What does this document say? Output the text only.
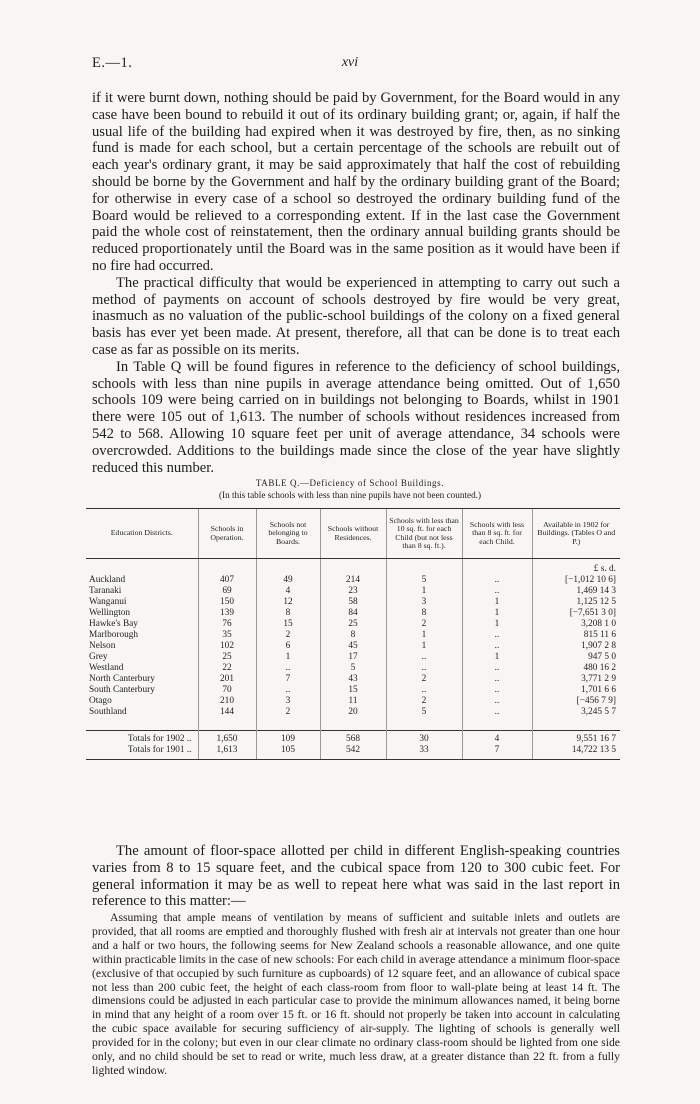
E.—1.	xvi

if it were burnt down, nothing should be paid by Government, for the Board would in any case have been bound to rebuild it out of its ordinary building grant; or, again, if half the usual life of the building had expired when it was destroyed by fire, then, as no sinking fund is made for each school, but a certain percentage of the schools are rebuilt out of each year's ordinary grant, it may be said approximately that half the cost of rebuilding should be borne by the Government and half by the ordinary building grant of the Board; for otherwise in every case of a school so destroyed the ordinary building fund of the Board would be relieved to a corresponding extent. If in the last case the Government paid the whole cost of reinstatement, then the ordinary annual building grants should be reduced proportionately until the Board was in the same position as it would have been if no fire had occurred.

The practical difficulty that would be experienced in attempting to carry out such a method of payments on account of schools destroyed by fire would be very great, inasmuch as no valuation of the public-school buildings of the colony on a fixed general basis has ever yet been made. At present, therefore, all that can be done is to treat each case as far as possible on its merits.

In Table Q will be found figures in reference to the deficiency of school buildings, schools with less than nine pupils in average attendance being omitted. Out of 1,650 schools 109 were being carried on in buildings not belonging to Boards, whilst in 1901 there were 105 out of 1,613. The number of schools without residences increased from 542 to 568. Allowing 10 square feet per unit of average attendance, 34 schools were overcrowded. Additions to the buildings made since the close of the year have slightly reduced this number.

TABLE Q.—Deficiency of School Buildings.
(In this table schools with less than nine pupils have not been counted.)
Education Districts.	Schools in Operation.	Schools not belonging to Boards.	Schools without Residences.	Schools with less than 10 sq. ft. for each Child (but not less than 8 sq. ft.).	Schools with less than 8 sq. ft. for each Child.	Available in 1902 for Buildings. (Tables O and P.)
						£ s. d.
Auckland	407	49	214	5	..	[−1,012 10 6]
Taranaki	69	4	23	1	..	1,469 14 3
Wanganui	150	12	58	3	1	1,125 12 5
Wellington	139	8	84	8	1	[−7,651 3 0]
Hawke's Bay	76	15	25	2	1	3,208 1 0
Marlborough	35	2	8	1	..	815 11 6
Nelson	102	6	45	1	..	1,907 2 8
Grey	25	1	17	..	1	947 5 0
Westland	22	..	5	..	..	480 16 2
North Canterbury	201	7	43	2	..	3,771 2 9
South Canterbury	70	..	15	..	..	1,701 6 6
Otago	210	3	11	2	..	[−456 7 9]
Southland	144	2	20	5	..	3,245 5 7

Totals for 1902 ..	1,650	109	568	30	4	9,551 16 7
Totals for 1901 ..	1,613	105	542	33	7	14,722 13 5
The amount of floor-space allotted per child in different English-speaking countries varies from 8 to 15 square feet, and the cubical space from 120 to 300 cubic feet. For general information it may be as well to repeat here what was said in the last report in reference to this matter:—
Assuming that ample means of ventilation by means of sufficient and suitable inlets and outlets are provided, that all rooms are emptied and thoroughly flushed with fresh air at intervals not greater than one hour and a half or two hours, the following seems for New Zealand schools a reasonable allowance, and one quite within practicable limits in the case of new schools: For each child in average attendance a minimum floor-space (exclusive of that occupied by such furniture as cupboards) of 12 square feet, and an allowance of cubical space not less than 200 cubic feet, the height of each class-room from floor to wall-plate being at least 14 ft. The dimensions could be adjusted in each particular case to provide the minimum allowances named, it being borne in mind that any height of a room over 15 ft. or 16 ft. should not properly be taken into account in calculating the cubic space available for securing sufficiency of air-supply. The lighting of schools is generally well provided for in the colony; but even in our clear climate no ordinary class-room should be lighted from one side only, and no child should be set to read or write, much less draw, at a greater distance than 22 ft. from a fully lighted window.
